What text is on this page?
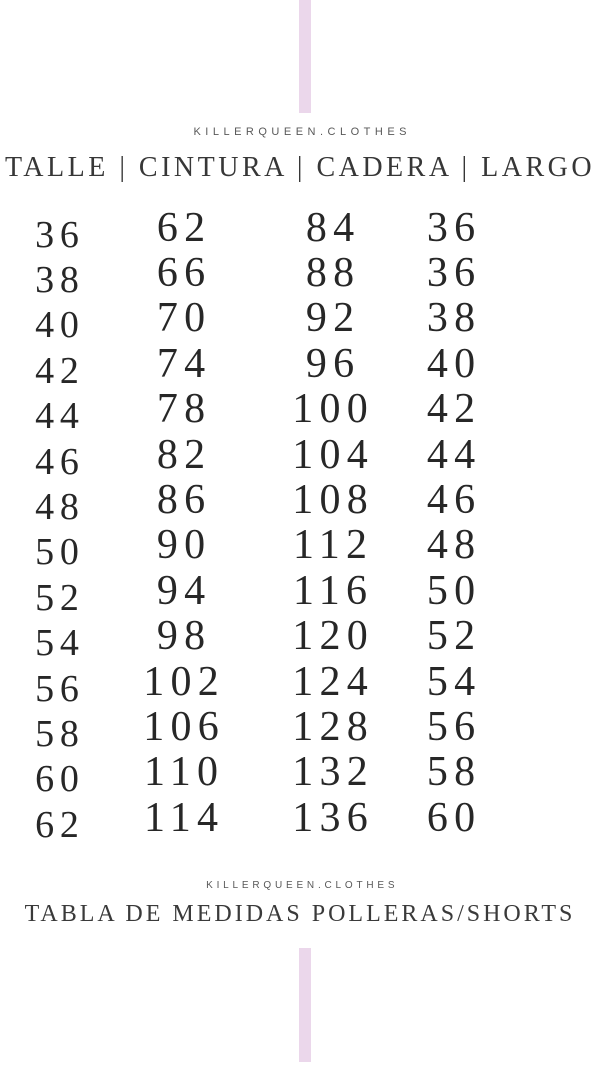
KILLERQUEEN.CLOTHES
TALLE | CINTURA | CADERA | LARGO
36
38
40
42
44
46
48
50
52
54
56
58
60
62
62
66
70
74
78
82
86
90
94
98
102
106
110
114
84
88
92
96
100
104
108
112
116
120
124
128
132
136
36
36
38
40
42
44
46
48
50
52
54
56
58
60
KILLERQUEEN.CLOTHES
TABLA DE MEDIDAS POLLERAS/SHORTS
